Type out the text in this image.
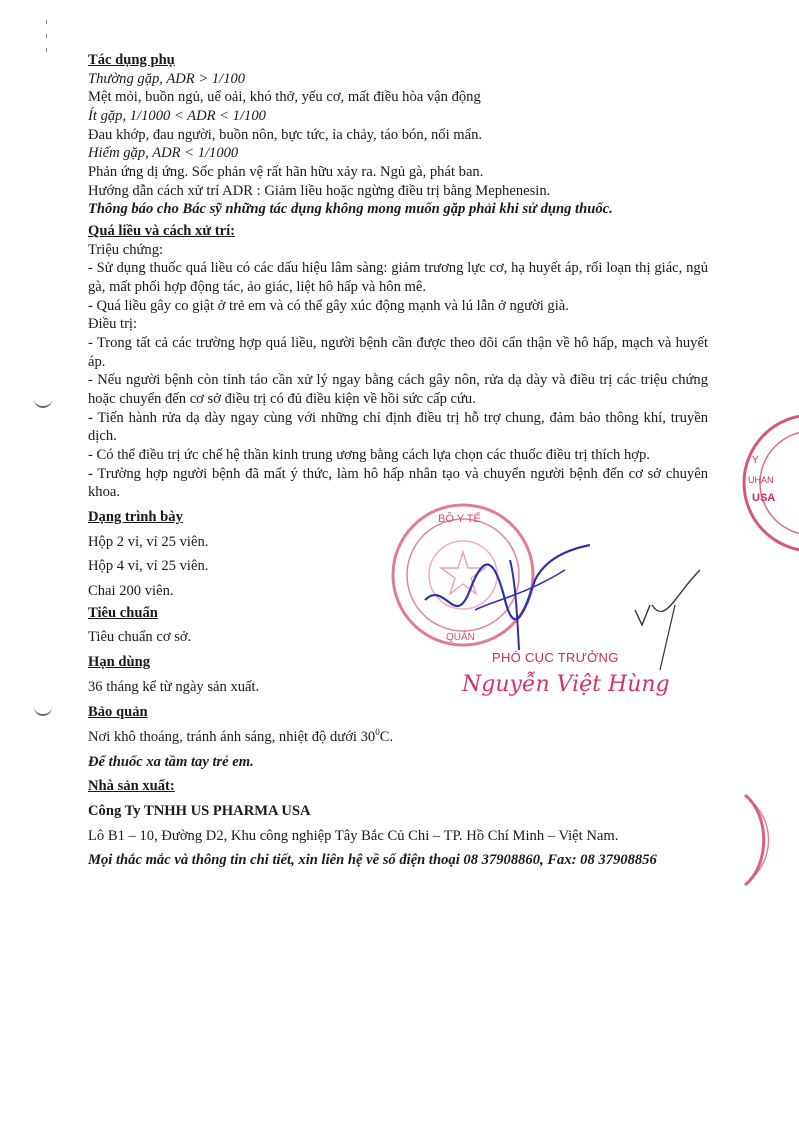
Tác dụng phụ

Thường gặp, ADR > 1/100

Mệt mỏi, buồn ngủ, uể oải, khó thở, yếu cơ, mất điều hòa vận động

Ít gặp, 1/1000 < ADR < 1/100

Đau khớp, đau người, buồn nôn, bực tức, ỉa chảy, táo bón, nổi mẩn.

Hiếm gặp, ADR < 1/1000

Phản ứng dị ứng. Sốc phản vệ rất hãn hữu xảy ra. Ngủ gà, phát ban.

Hướng dẫn cách xử trí ADR : Giảm liều hoặc ngừng điều trị bằng Mephenesin.

Thông báo cho Bác sỹ những tác dụng không mong muốn gặp phải khi sử dụng thuốc.

Quá liều và cách xử trí:

Triệu chứng:

- Sử dụng thuốc quá liều có các dấu hiệu lâm sàng: giảm trương lực cơ, hạ huyết áp, rối loạn thị giác, ngủ gà, mất phối hợp động tác, ảo giác, liệt hô hấp và hôn mê.

- Quá liều gây co giật ở trẻ em và có thể gây xúc động mạnh và lú lẫn ở người già.

Điều trị:

- Trong tất cả các trường hợp quá liều, người bệnh cần được theo dõi cẩn thận về hô hấp, mạch và huyết áp.

- Nếu người bệnh còn tỉnh táo cần xử lý ngay bằng cách gây nôn, rửa dạ dày và điều trị các triệu chứng hoặc chuyển đến cơ sở điều trị có đủ điều kiện về hồi sức cấp cứu.

- Tiến hành rửa dạ dày ngay cùng với những chỉ định điều trị hỗ trợ chung, đảm bảo thông khí, truyền dịch.

- Có thể điều trị ức chế hệ thần kinh trung ương bằng cách lựa chọn các thuốc điều trị thích hợp.

- Trường hợp người bệnh đã mất ý thức, làm hô hấp nhân tạo và chuyển người bệnh đến cơ sở chuyên khoa.

Dạng trình bày

Hộp 2 vỉ, vỉ 25 viên.

Hộp 4 vỉ, vỉ 25 viên.

Chai 200 viên.

Tiêu chuẩn

Tiêu chuẩn cơ sở.

Hạn dùng

36 tháng kể từ ngày sản xuất.

Bảo quản

Nơi khô thoáng, tránh ánh sáng, nhiệt độ dưới $30^0C$.

Để thuốc xa tầm tay trẻ em.

Nhà sản xuất:

Công Ty TNHH US PHARMA USA

Lô B1 – 10, Đường D2, Khu công nghiệp Tây Bắc Củ Chi – TP. Hồ Chí Minh – Việt Nam.

Mọi thắc mắc và thông tin chi tiết, xin liên hệ về số điện thoại 08 37908860, Fax: 08 37908856

BỘ Y TẾ
QUẢN
PHÓ CỤC TRƯỞNG
Nguyễn Việt Hùng
Y
UHAN
USA
